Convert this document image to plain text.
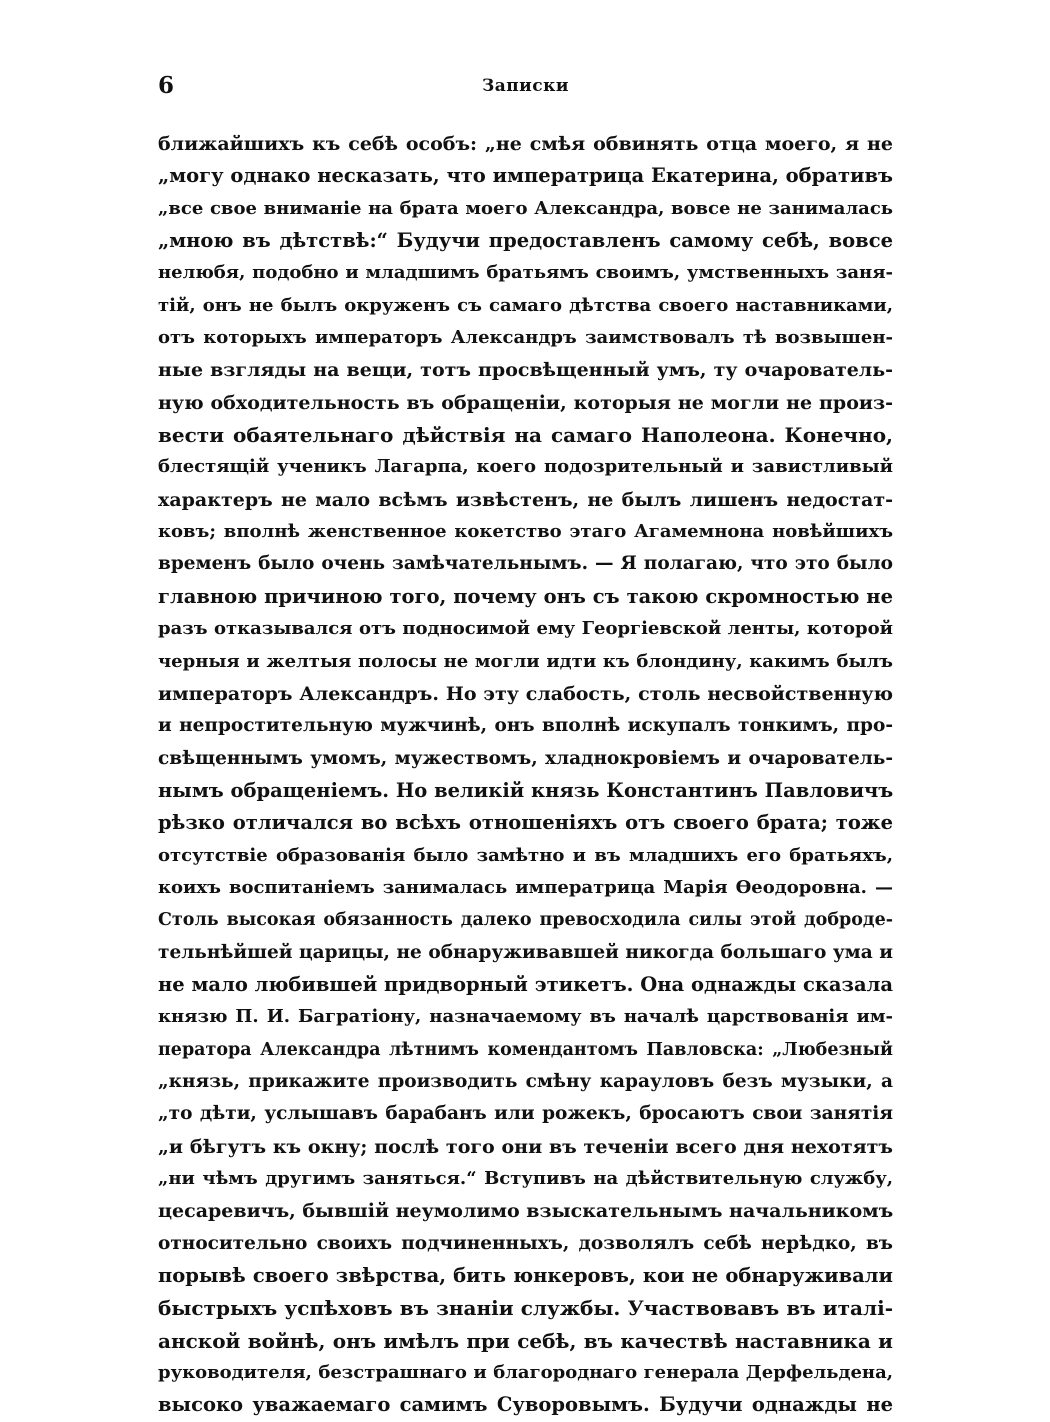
6	Записки
ближайшихъ къ себѣ особъ: „не смѣя обвинять отца моего, я не
„могу однако несказать, что императрица Екатерина, обративъ
„все свое вниманіе на брата моего Александра, вовсе не занималась
„мною въ дѣтствѣ:“ Будучи предоставленъ самому себѣ, вовсе
нелюбя, подобно и младшимъ братьямъ своимъ, умственныхъ заня-
тій, онъ не былъ окруженъ съ самаго дѣтства своего наставниками,
отъ которыхъ императоръ Александръ заимствовалъ тѣ возвышен-
ные взгляды на вещи, тотъ просвѣщенный умъ, ту очарователь-
ную обходительность въ обращеніи, которыя не могли не произ-
вести обаятельнаго дѣйствія на самаго Наполеона. Конечно,
блестящій ученикъ Лагарпа, коего подозрительный и завистливый
характеръ не мало всѣмъ извѣстенъ, не былъ лишенъ недостат-
ковъ; вполнѣ женственное кокетство этаго Агамемнона новѣйшихъ
временъ было очень замѣчательнымъ. — Я полагаю, что это было
главною причиною того, почему онъ съ такою скромностью не
разъ отказывался отъ подносимой ему Георгіевской ленты, которой
черныя и желтыя полосы не могли идти къ блондину, какимъ былъ
императоръ Александръ. Но эту слабость, столь несвойственную
и непростительную мужчинѣ, онъ вполнѣ искупалъ тонкимъ, про-
свѣщеннымъ умомъ, мужествомъ, хладнокровіемъ и очарователь-
нымъ обращеніемъ. Но великій князь Константинъ Павловичъ
рѣзко отличался во всѣхъ отношеніяхъ отъ своего брата; тоже
отсутствіе образованія было замѣтно и въ младшихъ его братьяхъ,
коихъ воспитаніемъ занималась императрица Марія Ѳеодоровна. —
Столь высокая обязанность далеко превосходила силы этой доброде-
тельнѣйшей царицы, не обнаруживавшей никогда большаго ума и
не мало любившей придворный этикетъ. Она однажды сказала
князю П. И. Багратіону, назначаемому въ началѣ царствованія им-
ператора Александра лѣтнимъ комендантомъ Павловска: „Любезный
„князь, прикажите производить смѣну карауловъ безъ музыки, а
„то дѣти, услышавъ барабанъ или рожекъ, бросаютъ свои занятія
„и бѣгутъ къ окну; послѣ того они въ теченіи всего дня нехотятъ
„ни чѣмъ другимъ заняться.“ Вступивъ на дѣйствительную службу,
цесаревичъ, бывшій неумолимо взыскательнымъ начальникомъ
относительно своихъ подчиненныхъ, дозволялъ себѣ нерѣдко, въ
порывѣ своего звѣрства, бить юнкеровъ, кои не обнаруживали
быстрыхъ успѣховъ въ знаніи службы. Участвовавъ въ италі-
анской войнѣ, онъ имѣлъ при себѣ, въ качествѣ наставника и
руководителя, безстрашнаго и благороднаго генерала Дерфельдена,
высоко уважаемаго самимъ Суворовымъ. Будучи однажды не
